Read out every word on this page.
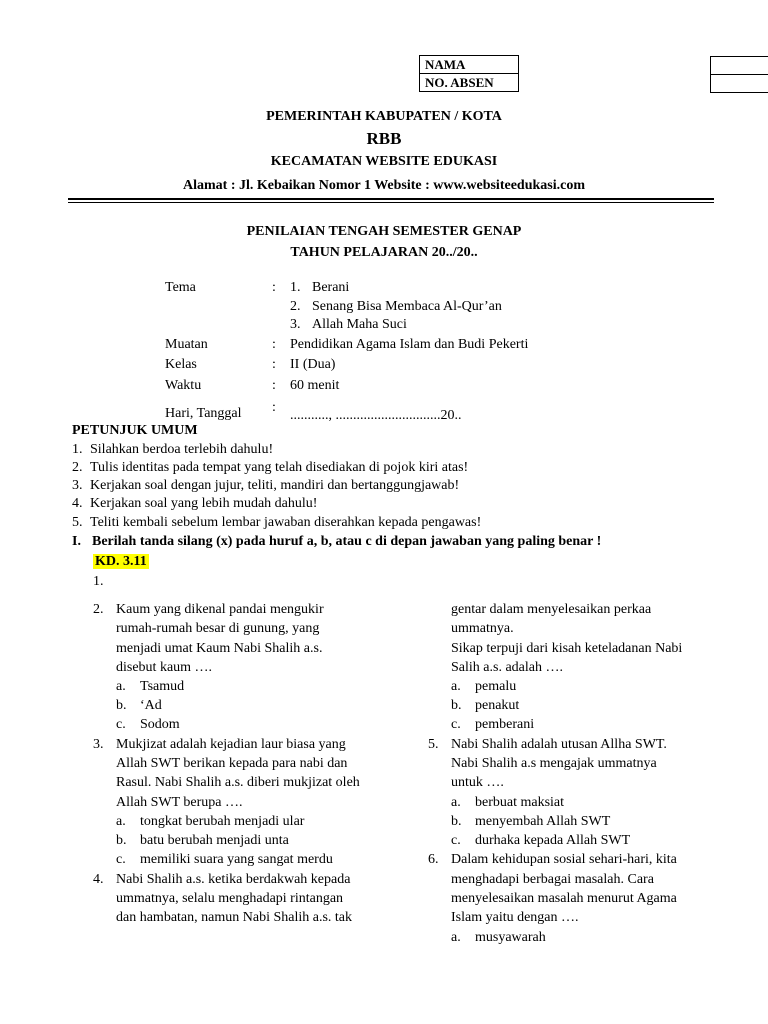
NAMA	

NO. ABSEN	
PEMERINTAH KABUPATEN / KOTA
RBB
KECAMATAN WEBSITE EDUKASI
Alamat : Jl. Kebaikan Nomor 1 Website : www.websiteedukasi.com
PENILAIAN TENGAH SEMESTER GENAP
TAHUN PELAJARAN 20../20..
Tema	: 1. Berani
2. Senang Bisa Membaca Al-Qur’an
3. Allah Maha Suci
Muatan	: Pendidikan Agama Islam dan Budi Pekerti
Kelas	: II (Dua)
Waktu	: 60 menit
Hari, Tanggal :
..........., ..............................20..
PETUNJUK UMUM
1. Silahkan berdoa terlebih dahulu!
2. Tulis identitas pada tempat yang telah disediakan di pojok kiri atas!
3. Kerjakan soal dengan jujur, teliti, mandiri dan bertanggungjawab!
4. Kerjakan soal yang lebih mudah dahulu!
5. Teliti kembali sebelum lembar jawaban diserahkan kepada pengawas!
I. Berilah tanda silang (x) pada huruf a, b, atau c di depan jawaban yang paling benar !
KD. 3.11
1.
2. Kaum yang dikenal pandai mengukir
rumah-rumah besar di gunung, yang
menjadi umat Kaum Nabi Shalih a.s.
disebut kaum ….
a. Tsamud
b. ‘Ad
c. Sodom
3. Mukjizat adalah kejadian laur biasa yang
Allah SWT berikan kepada para nabi dan
Rasul. Nabi Shalih a.s. diberi mukjizat oleh
Allah SWT berupa ….
a. tongkat berubah menjadi ular
b. batu berubah menjadi unta
c. memiliki suara yang sangat merdu
4. Nabi Shalih a.s. ketika berdakwah kepada
ummatnya, selalu menghadapi rintangan
dan hambatan, namun Nabi Shalih a.s. tak
gentar dalam menyelesaikan perkaa
ummatnya.
Sikap terpuji dari kisah keteladanan Nabi
Salih a.s. adalah ….
a. pemalu
b. penakut
c. pemberani
5. Nabi Shalih adalah utusan Allha SWT.
Nabi Shalih a.s mengajak ummatnya
untuk ….
a. berbuat maksiat
b. menyembah Allah SWT
c. durhaka kepada Allah SWT
6. Dalam kehidupan sosial sehari-hari, kita
menghadapi berbagai masalah. Cara
menyelesaikan masalah menurut Agama
Islam yaitu dengan ….
a. musyawarah
